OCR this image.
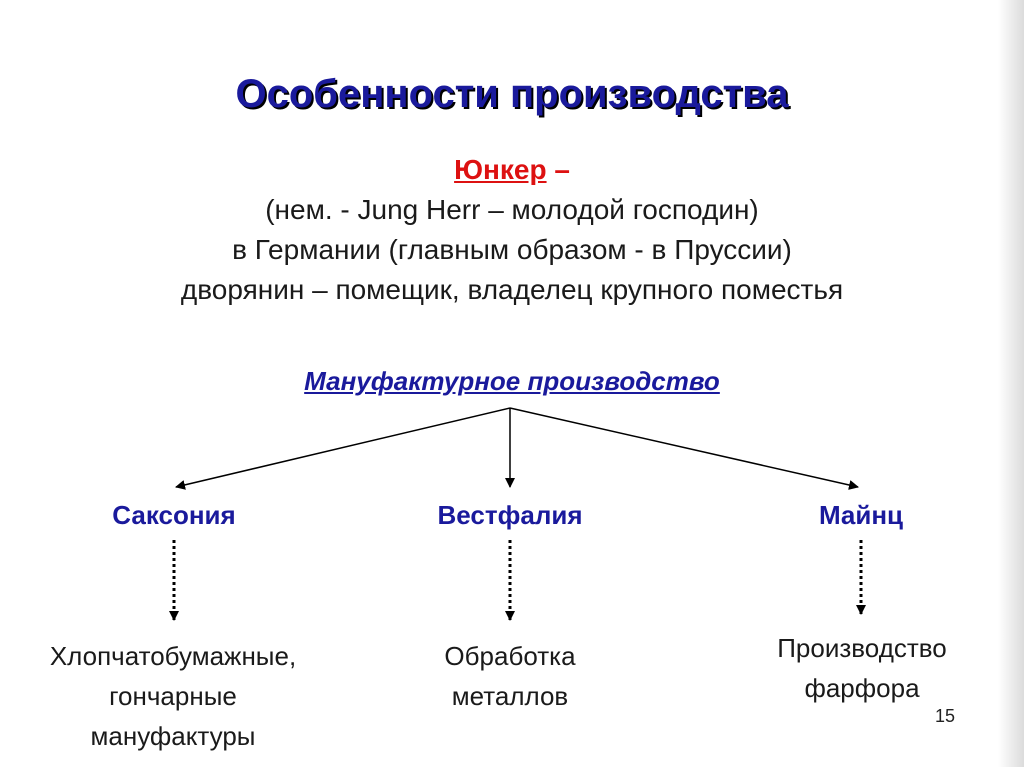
Особенности производства
Юнкер –
(нем. - Jung Herr – молодой господин)
в Германии (главным образом - в Пруссии)
дворянин – помещик, владелец крупного поместья
Мануфактурное производство
Саксония	Вестфалия	Майнц
Хлопчатобумажные,
гончарные
мануфактуры
Обработка
металлов
Производство
фарфора
15
